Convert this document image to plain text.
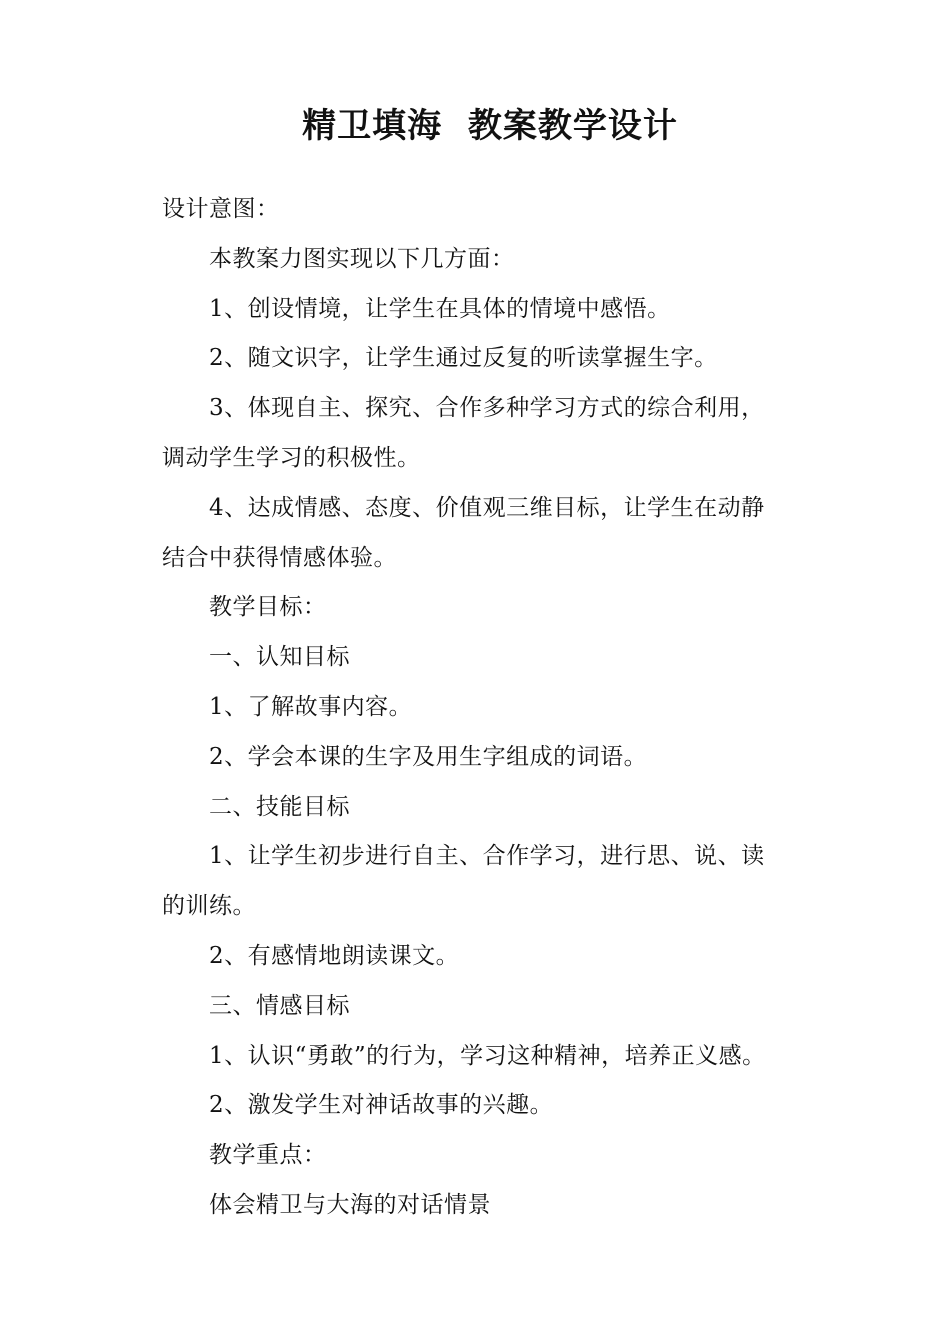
精卫填海  教案教学设计
设计意图：
本教案力图实现以下几方面：
1、创设情境，让学生在具体的情境中感悟。
2、随文识字，让学生通过反复的听读掌握生字。
3、体现自主、探究、合作多种学习方式的综合利用，
调动学生学习的积极性。
4、达成情感、态度、价值观三维目标，让学生在动静
结合中获得情感体验。
教学目标：
一、认知目标
1、了解故事内容。
2、学会本课的生字及用生字组成的词语。
二、技能目标
1、让学生初步进行自主、合作学习，进行思、说、读
的训练。
2、有感情地朗读课文。
三、情感目标
1、认识“勇敢”的行为，学习这种精神，培养正义感。
2、激发学生对神话故事的兴趣。
教学重点：
体会精卫与大海的对话情景
